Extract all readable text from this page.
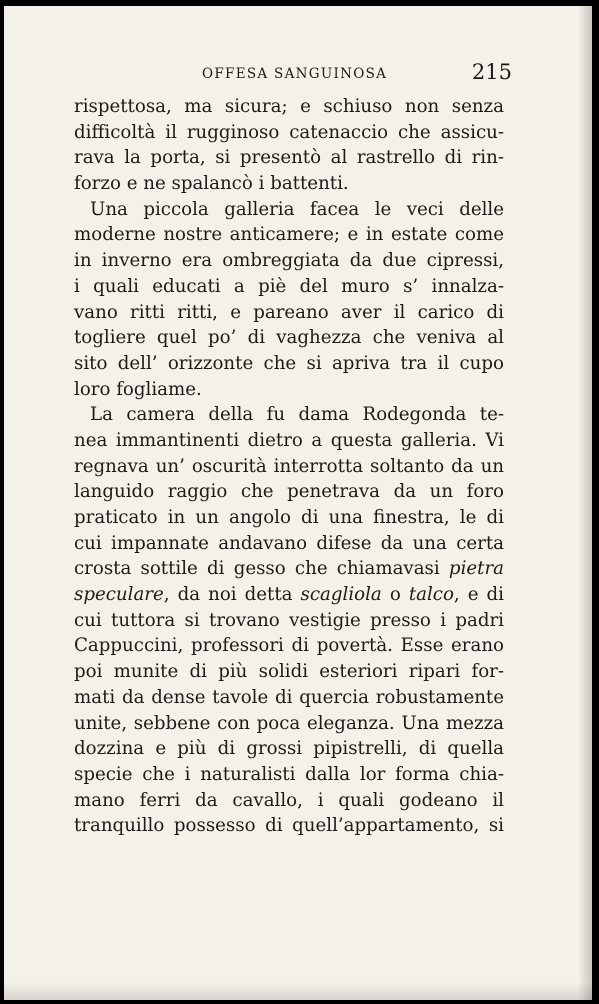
OFFESA SANGUINOSA	215
rispettosa, ma sicura; e schiuso non senza
difficoltà il rugginoso catenaccio che assicu-
rava la porta, si presentò al rastrello di rin-
forzo e ne spalancò i battenti.
Una piccola galleria facea le veci delle
moderne nostre anticamere; e in estate come
in inverno era ombreggiata da due cipressi,
i quali educati a piè del muro s’ innalza-
vano ritti ritti, e pareano aver il carico di
togliere quel po’ di vaghezza che veniva al
sito dell’ orizzonte che si apriva tra il cupo
loro fogliame.
La camera della fu dama Rodegonda te-
nea immantinenti dietro a questa galleria. Vi
regnava un’ oscurità interrotta soltanto da un
languido raggio che penetrava da un foro
praticato in un angolo di una finestra, le di
cui impannate andavano difese da una certa
crosta sottile di gesso che chiamavasi pietra
speculare, da noi detta scagliola o talco, e di
cui tuttora si trovano vestigie presso i padri
Cappuccini, professori di povertà. Esse erano
poi munite di più solidi esteriori ripari for-
mati da dense tavole di quercia robustamente
unite, sebbene con poca eleganza. Una mezza
dozzina e più di grossi pipistrelli, di quella
specie che i naturalisti dalla lor forma chia-
mano ferri da cavallo, i quali godeano il
tranquillo possesso di quell’appartamento, si
